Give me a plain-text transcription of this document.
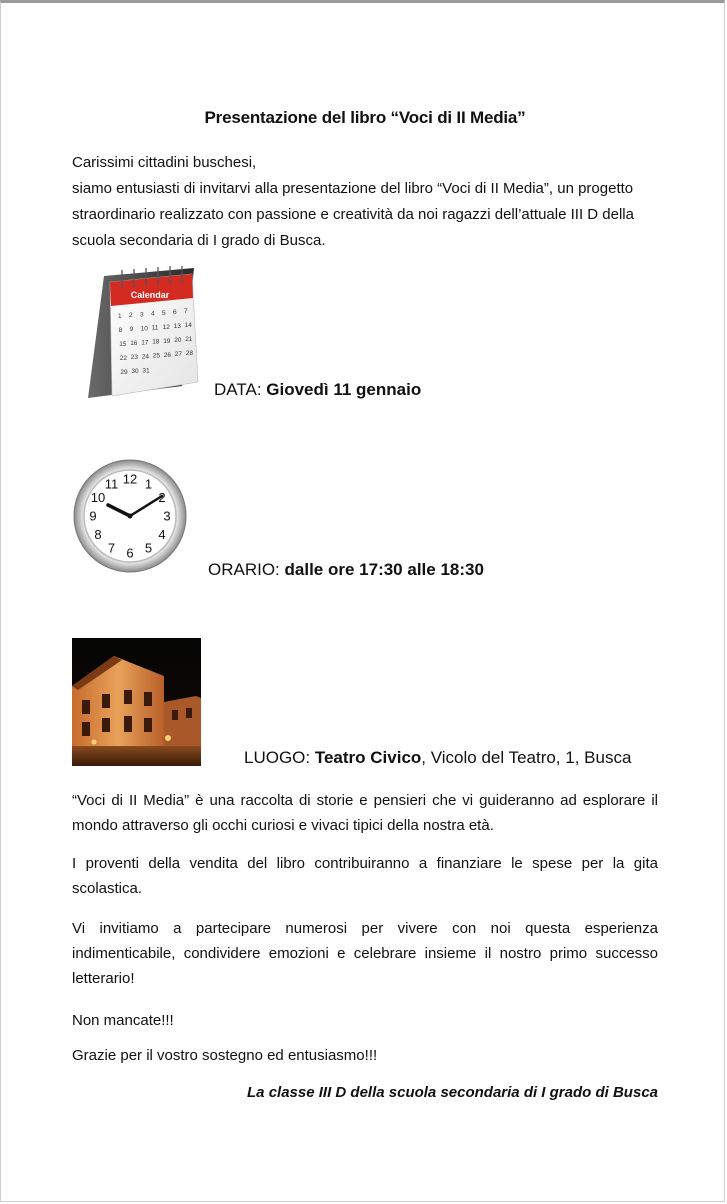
Presentazione del libro “Voci di II Media”

Carissimi cittadini buschesi,

siamo entusiasti di invitarvi alla presentazione del libro “Voci di II Media”, un progetto straordinario realizzato con passione e creatività da noi ragazzi dell’attuale III D della scuola secondaria di I grado di Busca.

Calendar
1 2 3 4 5 6 7
8 9 10 11 12 13 14
15 16 17 18 19 20 21
22 23 24 25 26 27 28
29 30 31
DATA: Giovedì 11 gennaio
12 1
2
3
4
5
6
7
8
9
10
11
ORARIO: dalle ore 17:30 alle 18:30
LUOGO: Teatro Civico, Vicolo del Teatro, 1, Busca

“Voci di II Media” è una raccolta di storie e pensieri che vi guideranno ad esplorare il mondo attraverso gli occhi curiosi e vivaci tipici della nostra età.

I proventi della vendita del libro contribuiranno a finanziare le spese per la gita scolastica.

Vi invitiamo a partecipare numerosi per vivere con noi questa esperienza indimenticabile, condividere emozioni e celebrare insieme il nostro primo successo letterario!

Non mancate!!!

Grazie per il vostro sostegno ed entusiasmo!!!

La classe III D della scuola secondaria di I grado di Busca
